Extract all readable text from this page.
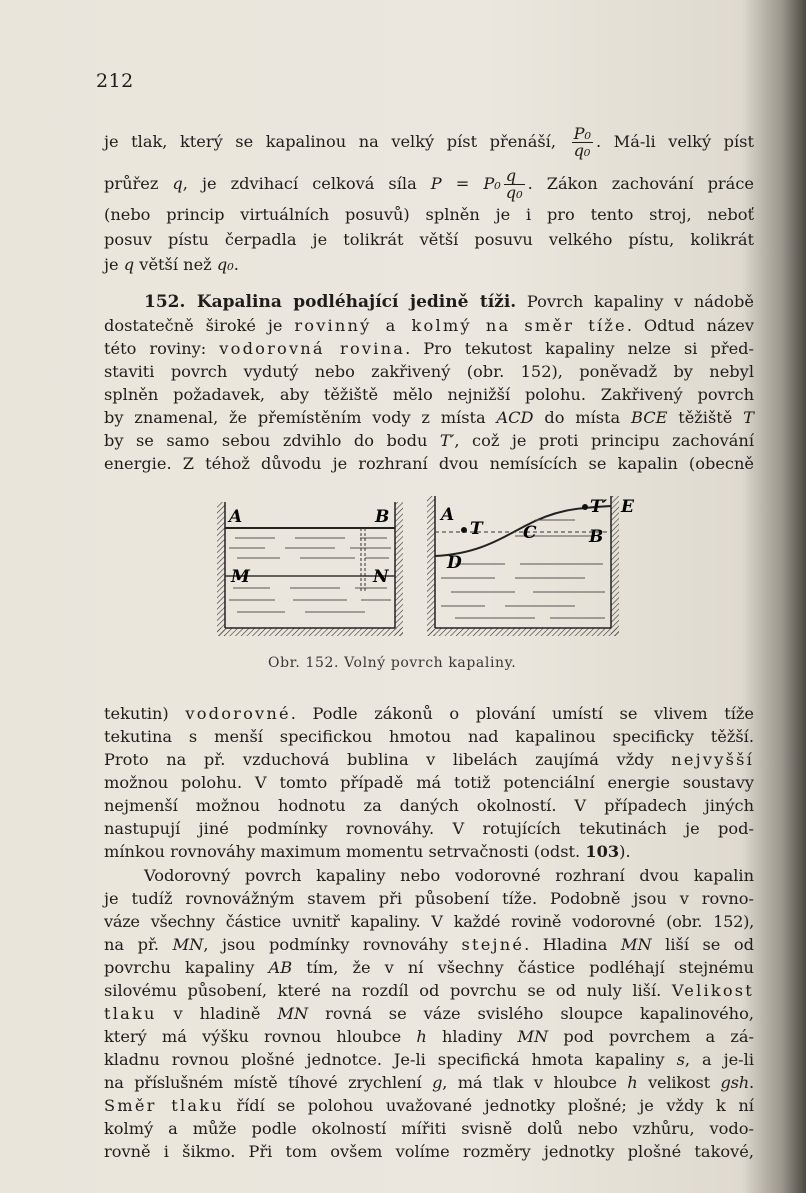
212
je tlak, který se kapalinou na velký píst přenáší, $\frac{\text{P₀}}{\text{q₀}}$ . Má-li velký píst
průřez q, je zdvihací celková síla $P = P_0 \frac{q}{\text{q₀}}$ . Zákon zachování práce
(nebo princip virtuálních posuvů) splněn je i pro tento stroj, neboť
posuv pístu čerpadla je tolikrát větší posuvu velkého pístu, kolikrát
je q větší než q₀.
152. Kapalina podléhající jedině tíži. Povrch kapaliny v nádobě
dostatečně široké je rovinný a kolmý na směr tíže. Odtud název
této roviny: vodorovná rovina. Pro tekutost kapaliny nelze si před-
staviti povrch vydutý nebo zakřivený (obr. 152), poněvadž by nebyl
splněn požadavek, aby těžiště mělo nejnižší polohu. Zakřivený povrch
by znamenal, že přemístěním vody z místa ACD do místa BCE těžiště T
by se samo sebou zdvihlo do bodu T′, což je proti principu zachování
energie. Z téhož důvodu je rozhraní dvou nemísících se kapalin (obecně
A	B
M	N
A
T C
T′
B
E
D
Obr. 152. Volný povrch kapaliny.
tekutin) vodorovné. Podle zákonů o plování umístí se vlivem tíže
tekutina s menší specifickou hmotou nad kapalinou specificky těžší.
Proto na př. vzduchová bublina v libelách zaujímá vždy nejvyšší
možnou polohu. V tomto případě má totiž potenciální energie soustavy
nejmenší možnou hodnotu za daných okolností. V případech jiných
nastupují jiné podmínky rovnováhy. V rotujících tekutinách je pod-
mínkou rovnováhy maximum momentu setrvačnosti (odst. 103).
Vodorovný povrch kapaliny nebo vodorovné rozhraní dvou kapalin
je tudíž rovnovážným stavem při působení tíže. Podobně jsou v rovno-
váze všechny částice uvnitř kapaliny. V každé rovině vodorovné (obr. 152),
na př. MN, jsou podmínky rovnováhy stejné. Hladina MN liší se od
povrchu kapaliny AB tím, že v ní všechny částice podléhají stejnému
silovému působení, které na rozdíl od povrchu se od nuly liší. Velikost
tlaku v hladině MN rovná se váze svislého sloupce kapalinového,
který má výšku rovnou hloubce h hladiny MN pod povrchem a zá-
kladnu rovnou plošné jednotce. Je-li specifická hmota kapaliny s, a je-li
na příslušném místě tíhové zrychlení g, má tlak v hloubce h velikost gsh.
Směr tlaku řídí se polohou uvažované jednotky plošné; je vždy k ní
kolmý a může podle okolností mířiti svisně dolů nebo vzhůru, vodo-
rovně i šikmo. Při tom ovšem volíme rozměry jednotky plošné takové,
